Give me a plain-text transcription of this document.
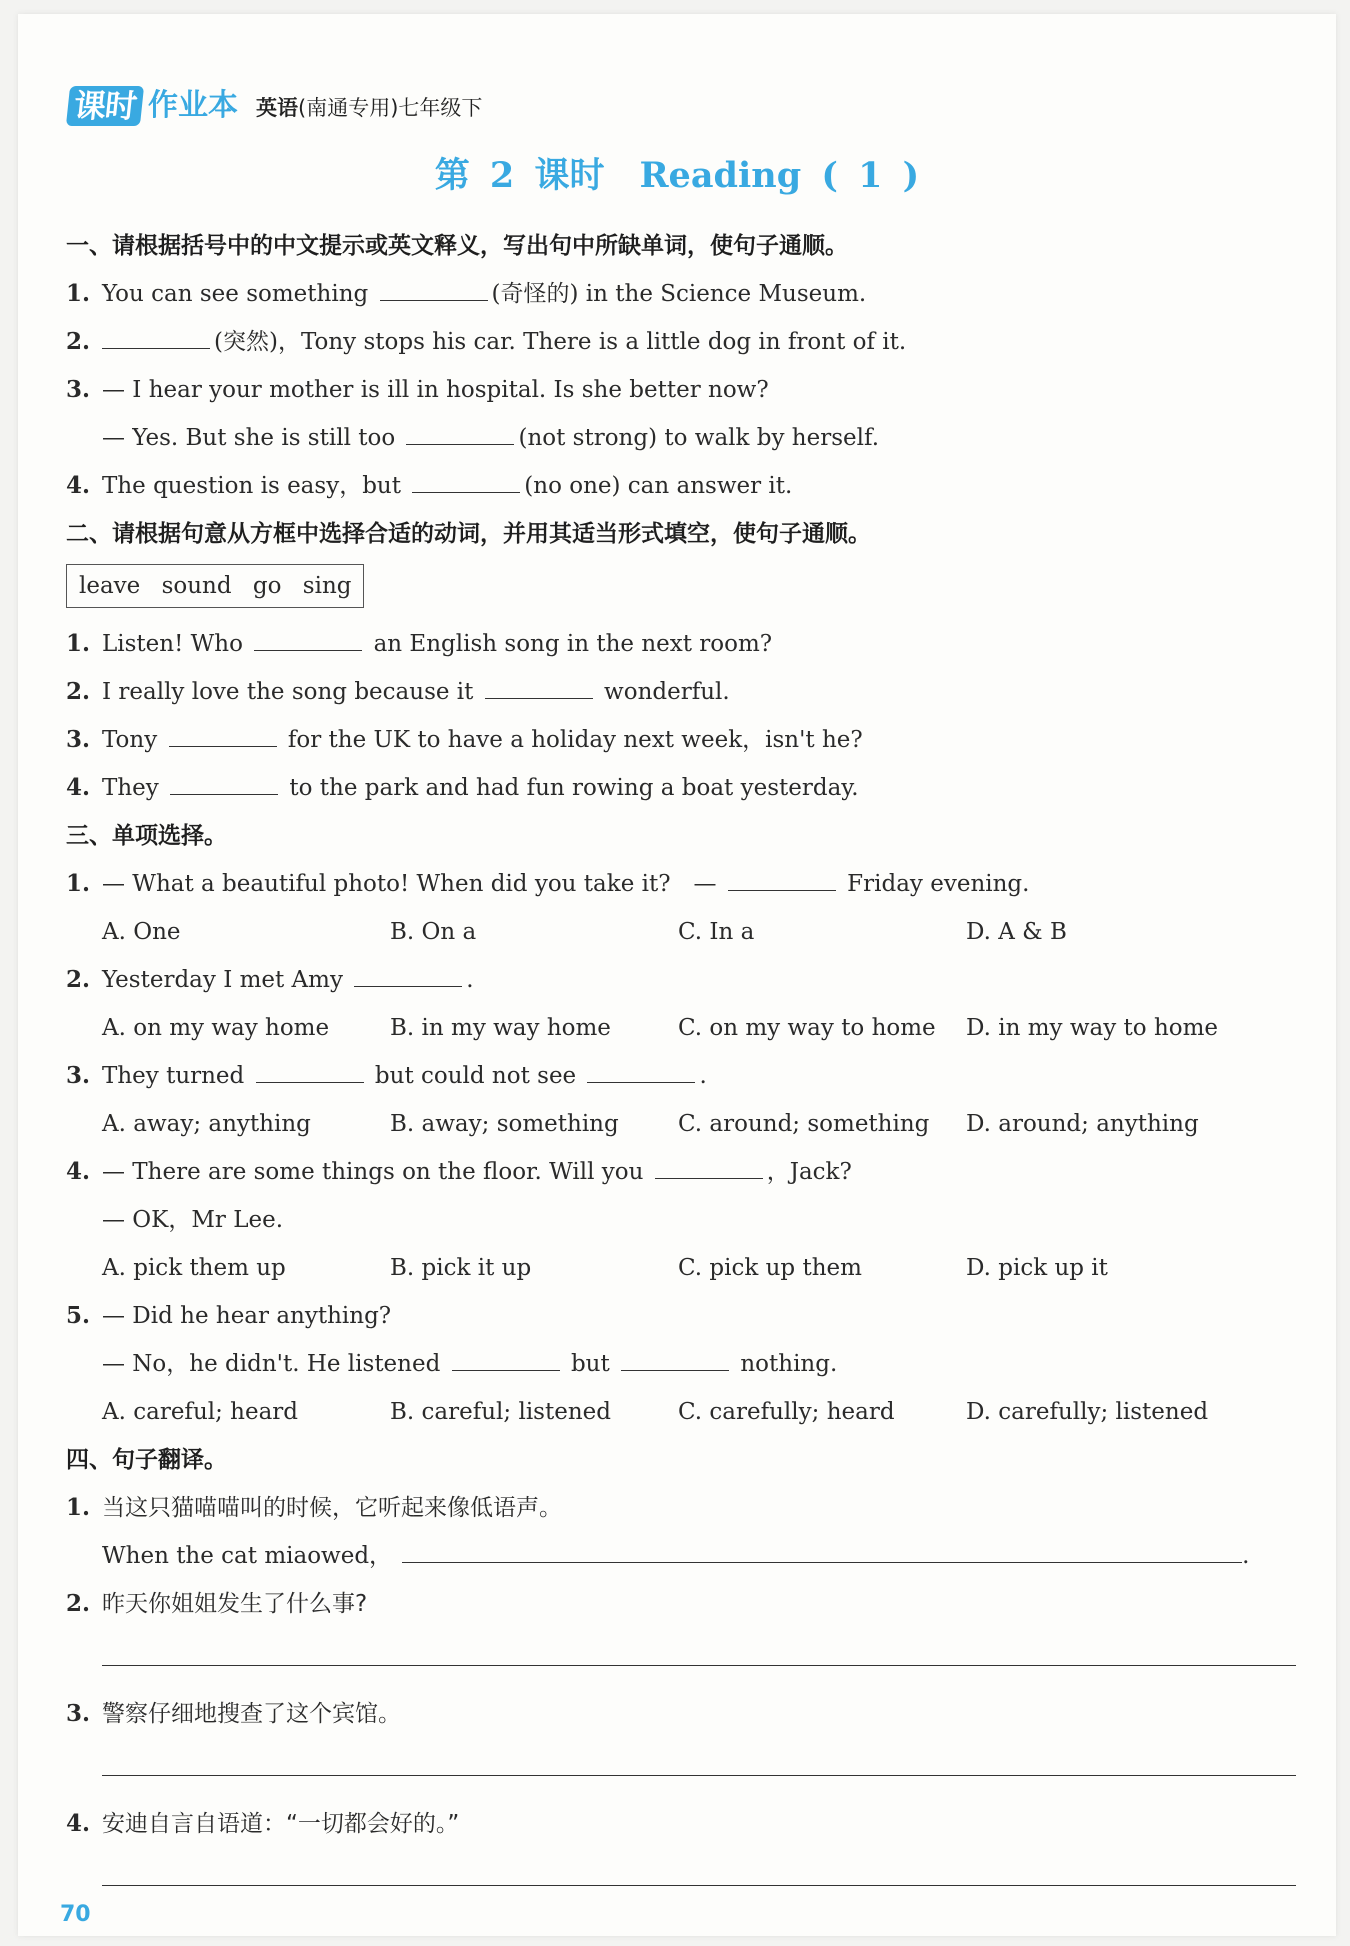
课时 作业本 英语(南通专用)七年级下
第 2 课时　Reading ( 1 )
一、请根据括号中的中文提示或英文释义，写出句中所缺单词，使句子通顺。
1. You can see something	(奇怪的) in the Science Museum.
2.	(突然)，Tony stops his car. There is a little dog in front of it.
3. — I hear your mother is ill in hospital. Is she better now?
— Yes. But she is still too	(not strong) to walk by herself.
4. The question is easy，but	(no one) can answer it.
二、请根据句意从方框中选择合适的动词，并用其适当形式填空，使句子通顺。
leave sound go sing
1. Listen! Who	an English song in the next room?
2. I really love the song because it	wonderful.
3. Tony	for the UK to have a holiday next week，isn't he?
4. They	to the park and had fun rowing a boat yesterday.
三、单项选择。
1. — What a beautiful photo! When did you take it?　—	Friday evening.
A. One	B. On a	C. In a	D. A & B
2. Yesterday I met Amy	.
A. on my way home	B. in my way home	C. on my way to home D. in my way to home
3. They turned	but could not see	.
A. away; anything	B. away; something	C. around; something D. around; anything
4. — There are some things on the floor. Will you	，Jack?
— OK，Mr Lee.
A. pick them up	B. pick it up	C. pick up them	D. pick up it
5. — Did he hear anything?
— No，he didn't. He listened	but	nothing.
A. careful; heard	B. careful; listened	C. carefully; heard	D. carefully; listened
四、句子翻译。
1. 当这只猫喵喵叫的时候，它听起来像低语声。
When the cat miaowed，	.
2. 昨天你姐姐发生了什么事?
3. 警察仔细地搜查了这个宾馆。
4. 安迪自言自语道：“一切都会好的。”
70
